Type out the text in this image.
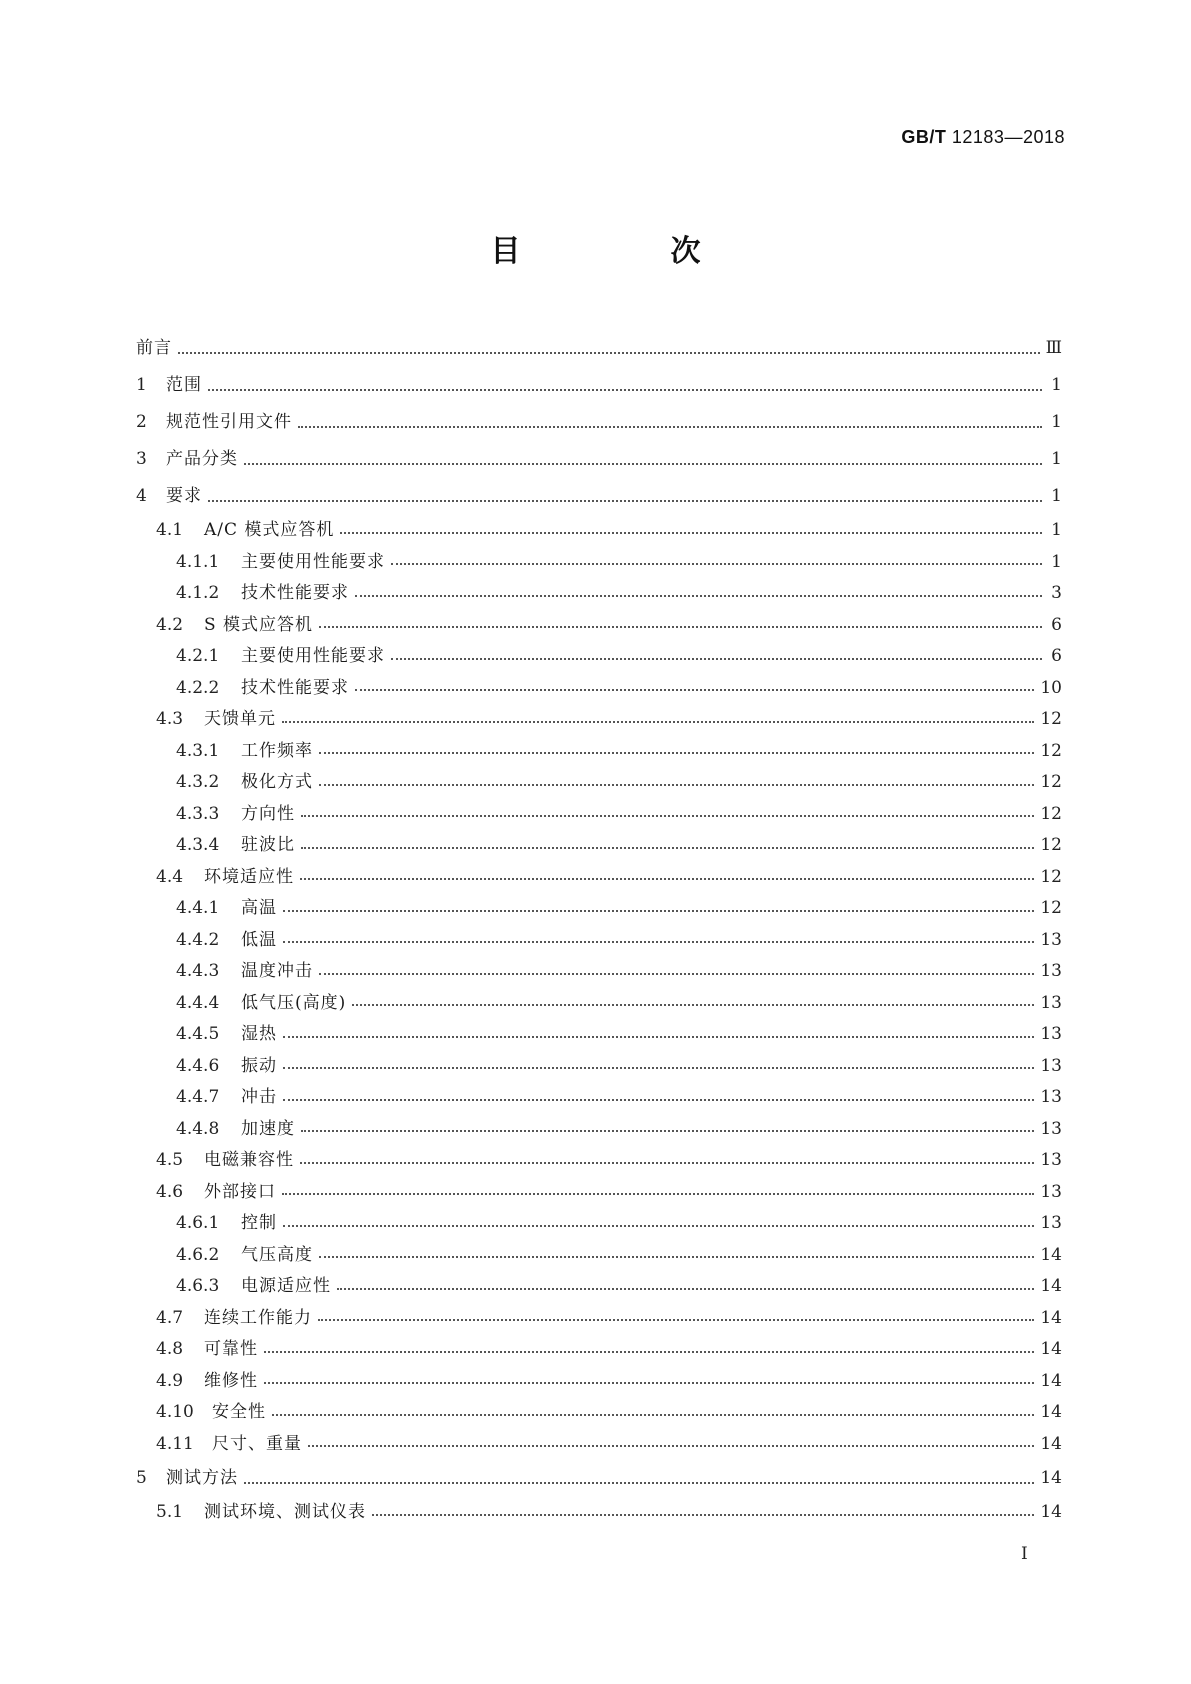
GB/T 12183—2018
目　次
前言	Ⅲ
1	范围	1
2	规范性引用文件	1
3	产品分类	1
4	要求	1
4.1	A/C 模式应答机	1
4.1.1	主要使用性能要求	1
4.1.2	技术性能要求	3
4.2	S 模式应答机	6
4.2.1	主要使用性能要求	6
4.2.2	技术性能要求	10
4.3	天馈单元	12
4.3.1	工作频率	12
4.3.2	极化方式	12
4.3.3	方向性	12
4.3.4	驻波比	12
4.4	环境适应性	12
4.4.1	高温	12
4.4.2	低温	13
4.4.3	温度冲击	13
4.4.4	低气压(高度)	13
4.4.5	湿热	13
4.4.6	振动	13
4.4.7	冲击	13
4.4.8	加速度	13
4.5	电磁兼容性	13
4.6	外部接口	13
4.6.1	控制	13
4.6.2	气压高度	14
4.6.3	电源适应性	14
4.7	连续工作能力	14
4.8	可靠性	14
4.9	维修性	14
4.10	安全性	14
4.11	尺寸、重量	14
5	测试方法	14
5.1	测试环境、测试仪表	14
Ⅰ
